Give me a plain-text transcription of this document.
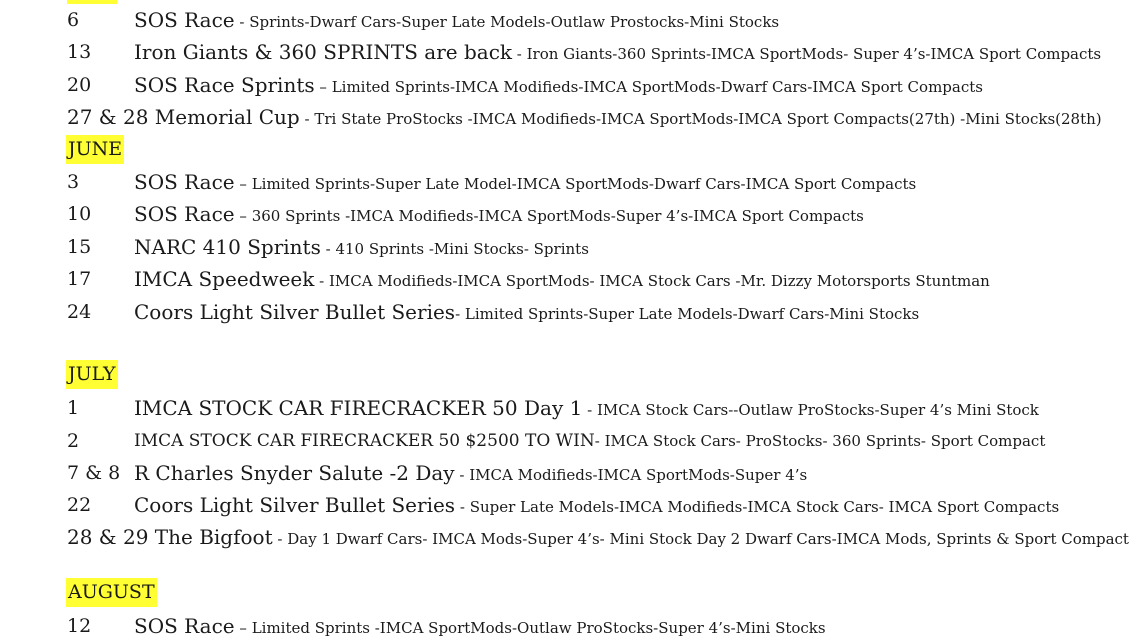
6	SOS Race - Sprints-Dwarf Cars-Super Late Models-Outlaw Prostocks-Mini Stocks
13 Iron Giants & 360 SPRINTS are back - Iron Giants-360 Sprints-IMCA SportMods- Super 4’s-IMCA Sport Compacts
20 SOS Race Sprints – Limited Sprints-IMCA Modifieds-IMCA SportMods-Dwarf Cars-IMCA Sport Compacts
27 & 28 Memorial Cup - Tri State ProStocks -IMCA Modifieds-IMCA SportMods-IMCA Sport Compacts(27th) -Mini Stocks(28th)
JUNE
3	SOS Race – Limited Sprints-Super Late Model-IMCA SportMods-Dwarf Cars-IMCA Sport Compacts
10 SOS Race – 360 Sprints -IMCA Modifieds-IMCA SportMods-Super 4’s-IMCA Sport Compacts
15 NARC 410 Sprints - 410 Sprints -Mini Stocks- Sprints
17 IMCA Speedweek - IMCA Modifieds-IMCA SportMods- IMCA Stock Cars -Mr. Dizzy Motorsports Stuntman
24 Coors Light Silver Bullet Series- Limited Sprints-Super Late Models-Dwarf Cars-Mini Stocks
JULY
1	IMCA STOCK CAR FIRECRACKER 50 Day 1 - IMCA Stock Cars--Outlaw ProStocks-Super 4’s Mini Stock
2	IMCA STOCK CAR FIRECRACKER 50 $2500 TO WIN- IMCA Stock Cars- ProStocks- 360 Sprints- Sport Compact
7 & 8 R Charles Snyder Salute -2 Day - IMCA Modifieds-IMCA SportMods-Super 4’s
22 Coors Light Silver Bullet Series - Super Late Models-IMCA Modifieds-IMCA Stock Cars- IMCA Sport Compacts
28 & 29 The Bigfoot - Day 1 Dwarf Cars- IMCA Mods-Super 4’s- Mini Stock Day 2 Dwarf Cars-IMCA Mods, Sprints & Sport Compact
AUGUST
12 SOS Race – Limited Sprints -IMCA SportMods-Outlaw ProStocks-Super 4’s-Mini Stocks
